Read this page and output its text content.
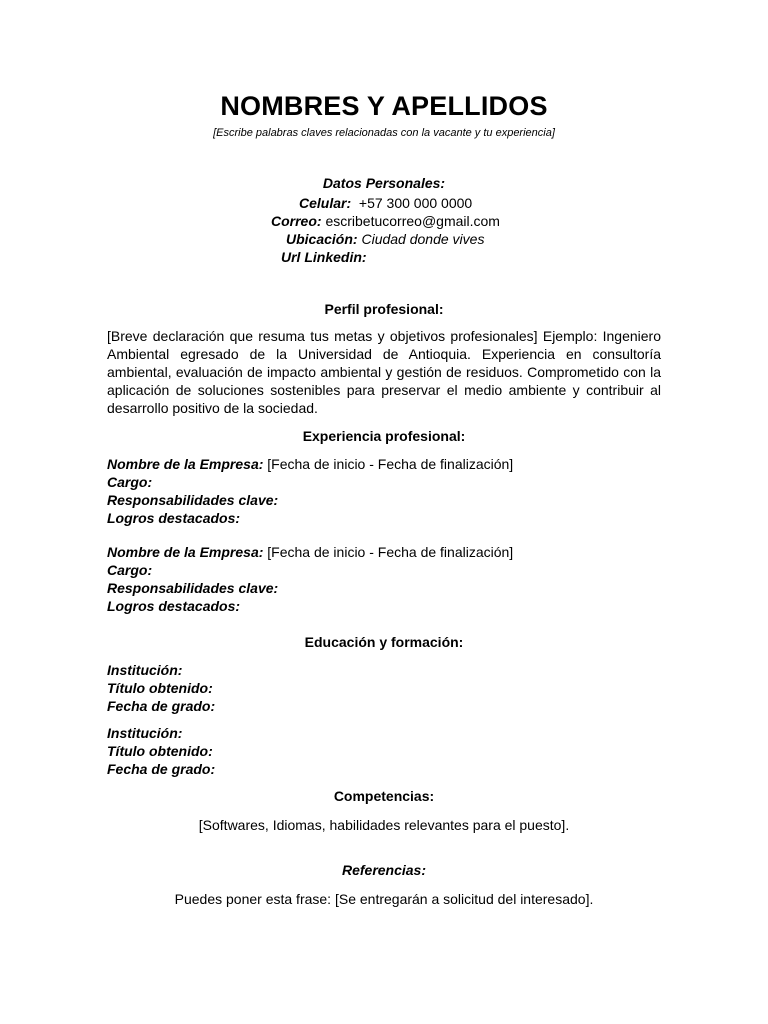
NOMBRES Y APELLIDOS
[Escribe palabras claves relacionadas con la vacante y tu experiencia]
Datos Personales:
Celular: +57 300 000 0000
Correo: escribetucorreo@gmail.com
Ubicación: Ciudad donde vives
Url Linkedin:
Perfil profesional:
[Breve declaración que resuma tus metas y objetivos profesionales] Ejemplo: Ingeniero Ambiental egresado de la Universidad de Antioquia. Experiencia en consultoría ambiental, evaluación de impacto ambiental y gestión de residuos. Comprometido con la aplicación de soluciones sostenibles para preservar el medio ambiente y contribuir al desarrollo positivo de la sociedad.
Experiencia profesional:
Nombre de la Empresa: [Fecha de inicio - Fecha de finalización]
Cargo:
Responsabilidades clave:
Logros destacados:
Nombre de la Empresa: [Fecha de inicio - Fecha de finalización]
Cargo:
Responsabilidades clave:
Logros destacados:
Educación y formación:
Institución:
Título obtenido:
Fecha de grado:
Institución:
Título obtenido:
Fecha de grado:
Competencias:
[Softwares, Idiomas, habilidades relevantes para el puesto].
Referencias:
Puedes poner esta frase: [Se entregarán a solicitud del interesado].
